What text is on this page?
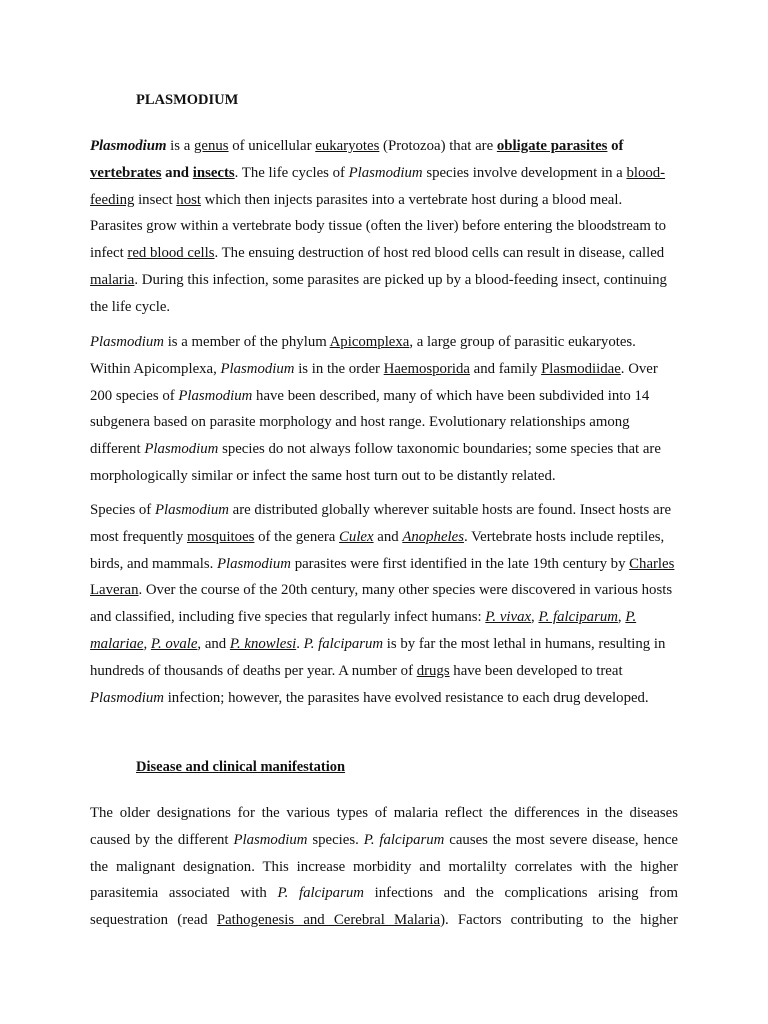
PLASMODIUM

Plasmodium is a genus of unicellular eukaryotes (Protozoa) that are obligate parasites of vertebrates and insects. The life cycles of Plasmodium species involve development in a blood-feeding insect host which then injects parasites into a vertebrate host during a blood meal. Parasites grow within a vertebrate body tissue (often the liver) before entering the bloodstream to infect red blood cells. The ensuing destruction of host red blood cells can result in disease, called malaria. During this infection, some parasites are picked up by a blood-feeding insect, continuing the life cycle.

Plasmodium is a member of the phylum Apicomplexa, a large group of parasitic eukaryotes. Within Apicomplexa, Plasmodium is in the order Haemosporida and family Plasmodiidae. Over 200 species of Plasmodium have been described, many of which have been subdivided into 14 subgenera based on parasite morphology and host range. Evolutionary relationships among different Plasmodium species do not always follow taxonomic boundaries; some species that are morphologically similar or infect the same host turn out to be distantly related.

Species of Plasmodium are distributed globally wherever suitable hosts are found. Insect hosts are most frequently mosquitoes of the genera Culex and Anopheles. Vertebrate hosts include reptiles, birds, and mammals. Plasmodium parasites were first identified in the late 19th century by Charles Laveran. Over the course of the 20th century, many other species were discovered in various hosts and classified, including five species that regularly infect humans: P. vivax, P. falciparum, P. malariae, P. ovale, and P. knowlesi. P. falciparum is by far the most lethal in humans, resulting in hundreds of thousands of deaths per year. A number of drugs have been developed to treat Plasmodium infection; however, the parasites have evolved resistance to each drug developed.

Disease and clinical manifestation

The older designations for the various types of malaria reflect the differences in the diseases caused by the different Plasmodium species. P. falciparum causes the most severe disease, hence the malignant designation. This increase morbidity and mortalilty correlates with the higher parasitemia associated with P. falciparum infections and the complications arising from sequestration (read Pathogenesis and Cerebral Malaria). Factors contributing to the higher
